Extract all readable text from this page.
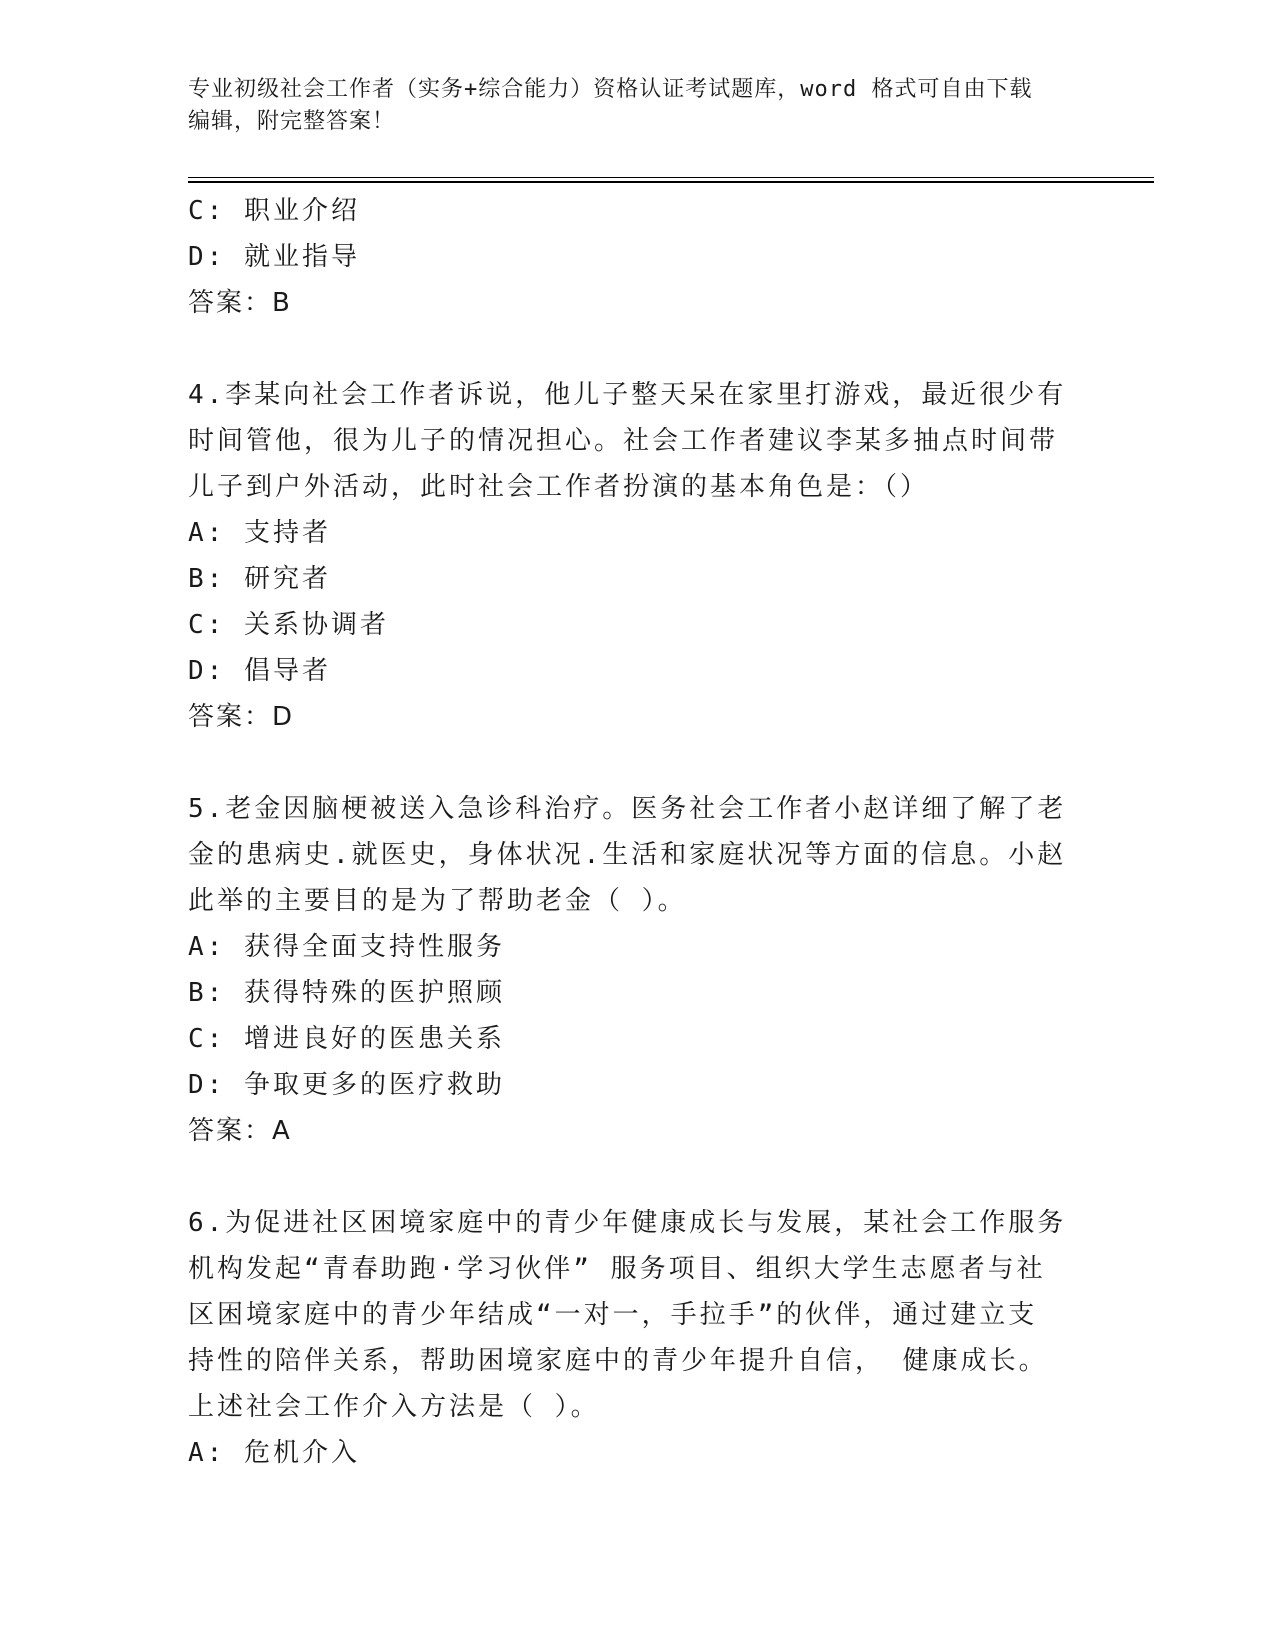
专业初级社会工作者（实务+综合能力）资格认证考试题库，word 格式可自由下载
编辑，附完整答案！
C: 职业介绍
D: 就业指导
答案：B
4.李某向社会工作者诉说，他儿子整天呆在家里打游戏，最近很少有
时间管他，很为儿子的情况担心。社会工作者建议李某多抽点时间带
儿子到户外活动，此时社会工作者扮演的基本角色是：（）
A: 支持者
B: 研究者
C: 关系协调者
D: 倡导者
答案：D
5.老金因脑梗被送入急诊科治疗。医务社会工作者小赵详细了解了老
金的患病史.就医史，身体状况.生活和家庭状况等方面的信息。小赵
此举的主要目的是为了帮助老金（ ）。
A: 获得全面支持性服务
B: 获得特殊的医护照顾
C: 增进良好的医患关系
D: 争取更多的医疗救助
答案：A
6.为促进社区困境家庭中的青少年健康成长与发展，某社会工作服务
机构发起“青春助跑·学习伙伴” 服务项目、组织大学生志愿者与社
区困境家庭中的青少年结成“一对一，手拉手”的伙伴，通过建立支
持性的陪伴关系，帮助困境家庭中的青少年提升自信， 健康成长。
上述社会工作介入方法是（ ）。
A: 危机介入
